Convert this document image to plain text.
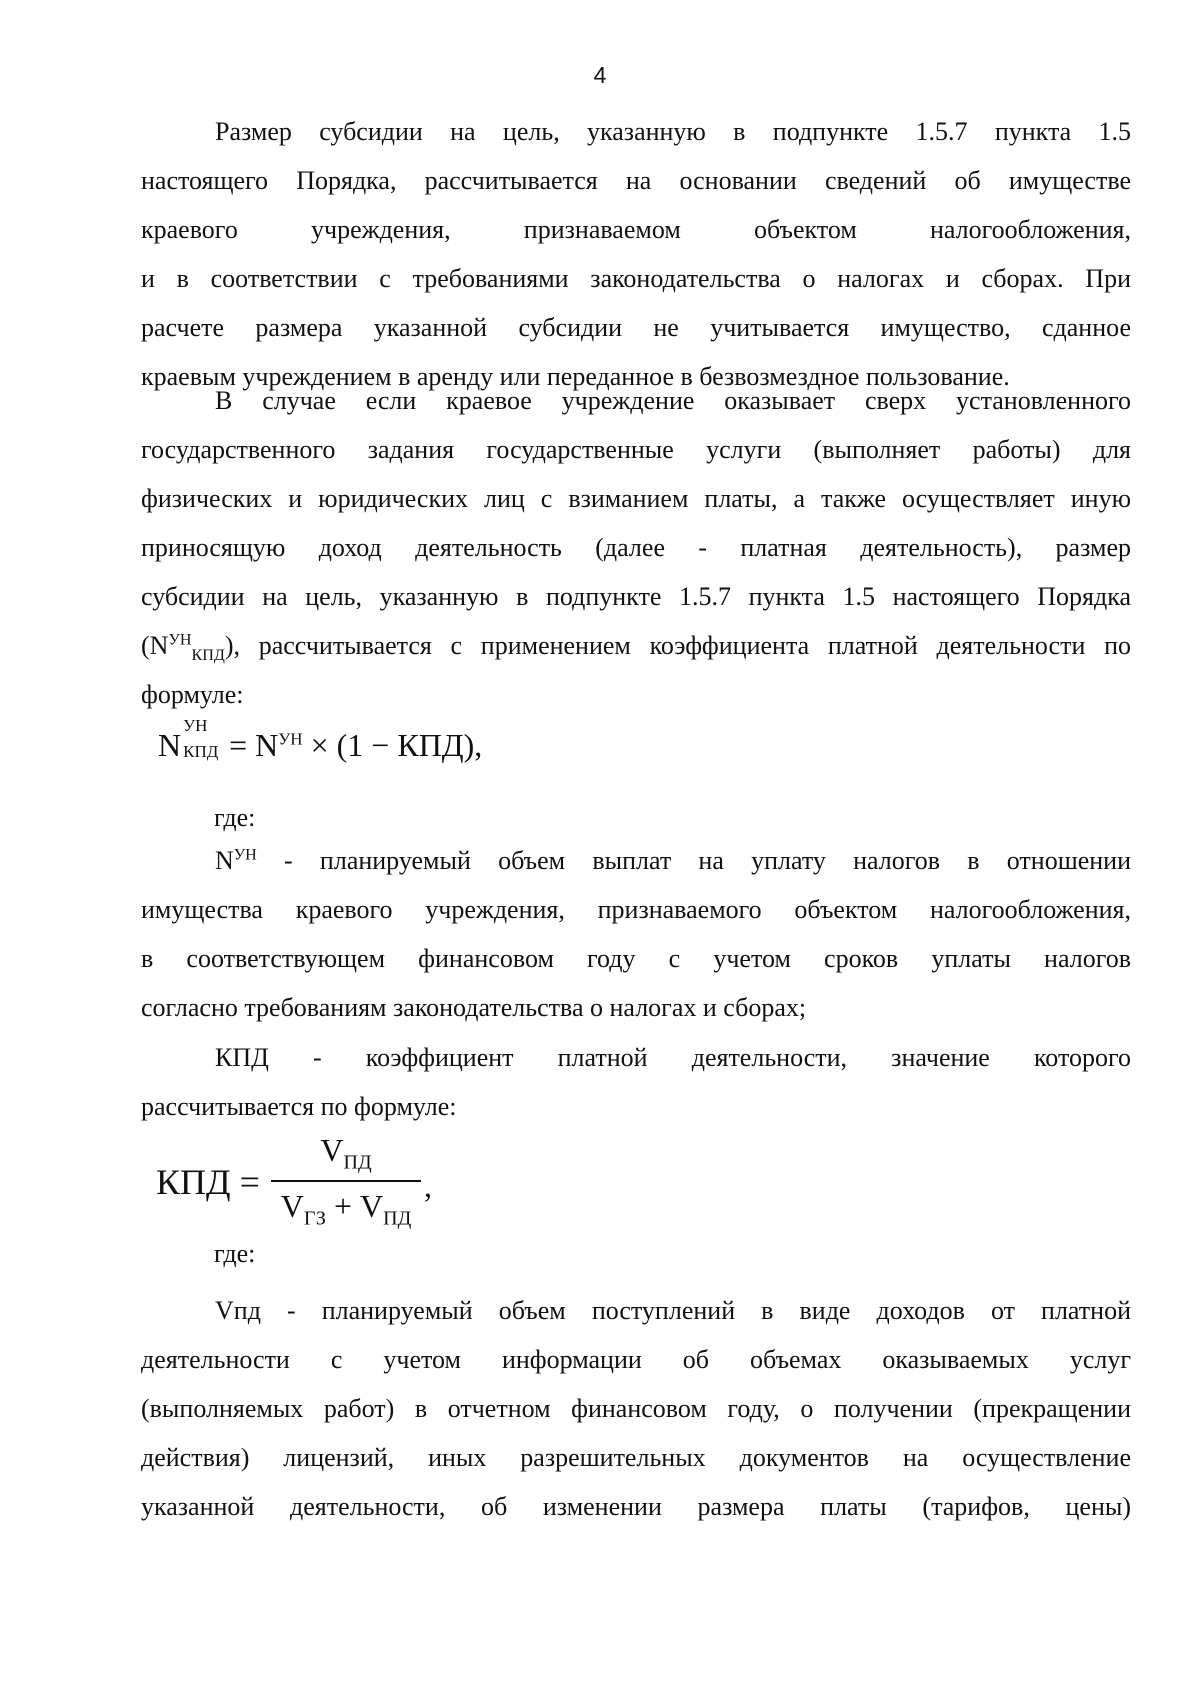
4
Размер субсидии на цель, указанную в подпункте 1.5.7 пункта 1.5
настоящего Порядка, рассчитывается на основании сведений об имуществе
краевого учреждения, признаваемом объектом налогообложения,
и в соответствии с требованиями законодательства о налогах и сборах. При
расчете размера указанной субсидии не учитывается имущество, сданное
краевым учреждением в аренду или переданное в безвозмездное пользование.
В случае если краевое учреждение оказывает сверх установленного
государственного задания государственные услуги (выполняет работы) для
физических и юридических лиц с взиманием платы, а также осуществляет иную
приносящую доход деятельность (далее - платная деятельность), размер
субсидии на цель, указанную в подпункте 1.5.7 пункта 1.5 настоящего Порядка
$(N^{УН}_{КПД})$, рассчитывается с применением коэффициента платной деятельности по
формуле:
N
УН
КПД = $N^{УН} \times (1 - КПД)$,

где:

$N^{УН}$ - планируемый объем выплат на уплату налогов в отношении
имущества краевого учреждения, признаваемого объектом налогообложения,
в соответствующем финансовом году с учетом сроков уплаты налогов
согласно требованиям законодательства о налогах и сборах;
КПД - коэффициент платной деятельности, значение которого
рассчитывается по формуле:
КПД =
$V_{ПД}$
$V_{ГЗ} + V_{ПД}$
,

где:

Vпд - планируемый объем поступлений в виде доходов от платной
деятельности с учетом информации об объемах оказываемых услуг
(выполняемых работ) в отчетном финансовом году, о получении (прекращении
действия) лицензий, иных разрешительных документов на осуществление
указанной деятельности, об изменении размера платы (тарифов, цены)
